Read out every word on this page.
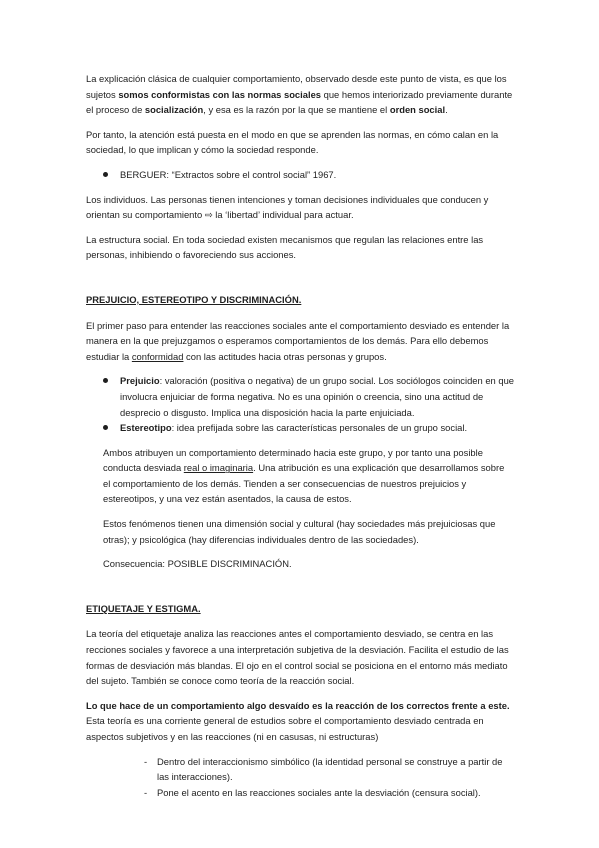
La explicación clásica de cualquier comportamiento, observado desde este punto de vista, es que los sujetos somos conformistas con las normas sociales que hemos interiorizado previamente durante el proceso de socialización, y esa es la razón por la que se mantiene el orden social.

Por tanto, la atención está puesta en el modo en que se aprenden las normas, en cómo calan en la sociedad, lo que implican y cómo la sociedad responde.

BERGUER: “Extractos sobre el control social” 1967.

Los individuos. Las personas tienen intenciones y toman decisiones individuales que conducen y orientan su comportamiento ⇨ la ‘libertad’ individual para actuar.

La estructura social. En toda sociedad existen mecanismos que regulan las relaciones entre las personas, inhibiendo o favoreciendo sus acciones.

PREJUICIO, ESTEREOTIPO Y DISCRIMINACIÓN.

El primer paso para entender las reacciones sociales ante el comportamiento desviado es entender la manera en la que prejuzgamos o esperamos comportamientos de los demás. Para ello debemos estudiar la conformidad con las actitudes hacia otras personas y grupos.

Prejuicio: valoración (positiva o negativa) de un grupo social. Los sociólogos coinciden en que involucra enjuiciar de forma negativa. No es una opinión o creencia, sino una actitud de desprecio o disgusto. Implica una disposición hacia la parte enjuiciada.
Estereotipo: idea prefijada sobre las características personales de un grupo social.

Ambos atribuyen un comportamiento determinado hacia este grupo, y por tanto una posible conducta desviada real o imaginaria. Una atribución es una explicación que desarrollamos sobre el comportamiento de los demás. Tienden a ser consecuencias de nuestros prejuicios y estereotipos, y una vez están asentados, la causa de estos.

Estos fenómenos tienen una dimensión social y cultural (hay sociedades más prejuiciosas que otras); y psicológica (hay diferencias individuales dentro de las sociedades).

Consecuencia: POSIBLE DISCRIMINACIÓN.

ETIQUETAJE Y ESTIGMA.

La teoría del etiquetaje analiza las reacciones antes el comportamiento desviado, se centra en las recciones sociales y favorece a una interpretación subjetiva de la desviación. Facilita el estudio de las formas de desviación más blandas. El ojo en el control social se posiciona en el entorno más mediato del sujeto. También se conoce como teoría de la reacción social.

Lo que hace de un comportamiento algo desvaído es la reacción de los correctos frente a este. Esta teoría es una corriente general de estudios sobre el comportamiento desviado centrada en aspectos subjetivos y en las reacciones (ni en casusas, ni estructuras)

- Dentro del interaccionismo simbólico (la identidad personal se construye a partir de las interacciones).
- Pone el acento en las reacciones sociales ante la desviación (censura social).
